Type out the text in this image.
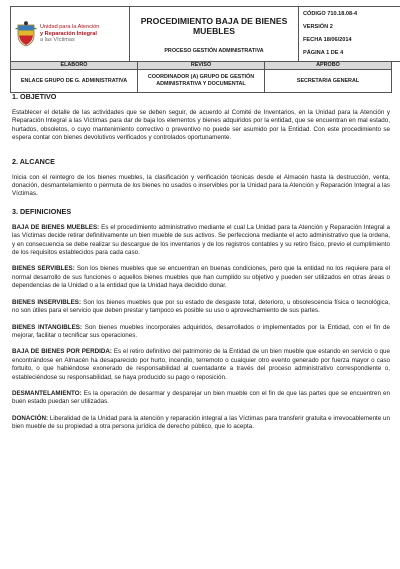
Unidad para la Atención
y Reparación Integral
a las Víctimas

PROCEDIMIENTO BAJA DE BIENES MUEBLES
PROCESO GESTIÓN ADMINISTRATIVA

CÓDIGO 710.18.08-4
VERSIÓN 2
FECHA 18/06/2014
PÁGINA 1 DE 4
ELABORÓ	REVISÓ	APROBÓ
ENLACE GRUPO DE G. ADMINISTRATIVA	COORDINADOR (A) GRUPO DE GESTIÓN ADMINISTRATIVA Y DOCUMENTAL	SECRETARIA GENERAL

1. OBJETIVO

Establecer el detalle de las actividades que se deben seguir, de acuerdo al Comité de Inventarios, en la Unidad para la Atención y Reparación Integral a las Víctimas para dar de baja los elementos y bienes adquiridos por la entidad, que se encuentran en mal estado, hurtados, obsoletos, o cuyo mantenimiento correctivo o preventivo no puede ser asumido por la Entidad. Con este procedimiento se espera contar con bienes devolutivos verificados y controlados oportunamente.

2. ALCANCE

Inicia con el reintegro de los bienes muebles, la clasificación y verificación técnicas desde el Almacén hasta la destrucción, venta, donación, desmantelamiento o permuta de los bienes no usados o inservibles por la Unidad para la Atención y Reparación Integral a las Víctimas.

3. DEFINICIONES

BAJA DE BIENES MUEBLES: Es el procedimiento administrativo mediante el cual La Unidad para la Atención y Reparación Integral a las Víctimas decide retirar definitivamente un bien mueble de sus activos. Se perfecciona mediante el acto administrativo que la ordena, y en consecuencia se debe realizar su descargue de los inventarios y de los registros contables y su retiro físico, previo el cumplimiento de los requisitos establecidos para cada caso.

BIENES SERVIBLES: Son los bienes muebles que se encuentran en buenas condiciones, pero que la entidad no los requiere para el normal desarrollo de sus funciones o aquellos bienes muebles que han cumplido su objetivo y pueden ser utilizados en otras áreas o dependencias de la Unidad o a la entidad que la Unidad haya decidido donar.

BIENES INSERVIBLES: Son los bienes muebles que por su estado de desgaste total, deterioro, u obsolescencia física o tecnológica, no son útiles para el servicio que deben prestar y tampoco es posible su uso o aprovechamiento de sus partes.

BIENES INTANGIBLES: Son bienes muebles incorporales adquiridos, desarrollados o implementados por la Entidad, con el fin de mejorar, facilitar o tecnificar sus operaciones.

BAJA DE BIENES POR PERDIDA: Es el retiro definitivo del patrimonio de la Entidad de un bien mueble que estando en servicio o que encontrándose en Almacén ha desaparecido por hurto, incendio, terremoto o cualquier otro evento generado por fuerza mayor o caso fortuito, o que habiéndose exonerado de responsabilidad al cuentadante a través del proceso administrativo correspondiente o, estableciéndose su responsabilidad, se haya producido su pago o reposición.

DESMANTELAMIENTO: Es la operación de desarmar y desparejar un bien mueble con el fin de que las partes que se encuentren en buen estado puedan ser utilizadas.

DONACIÓN: Liberalidad de la Unidad para la atención y reparación integral a las Víctimas para transferir gratuita e irrevocablemente un bien mueble de su propiedad a otra persona jurídica de derecho público, que lo acepta.
